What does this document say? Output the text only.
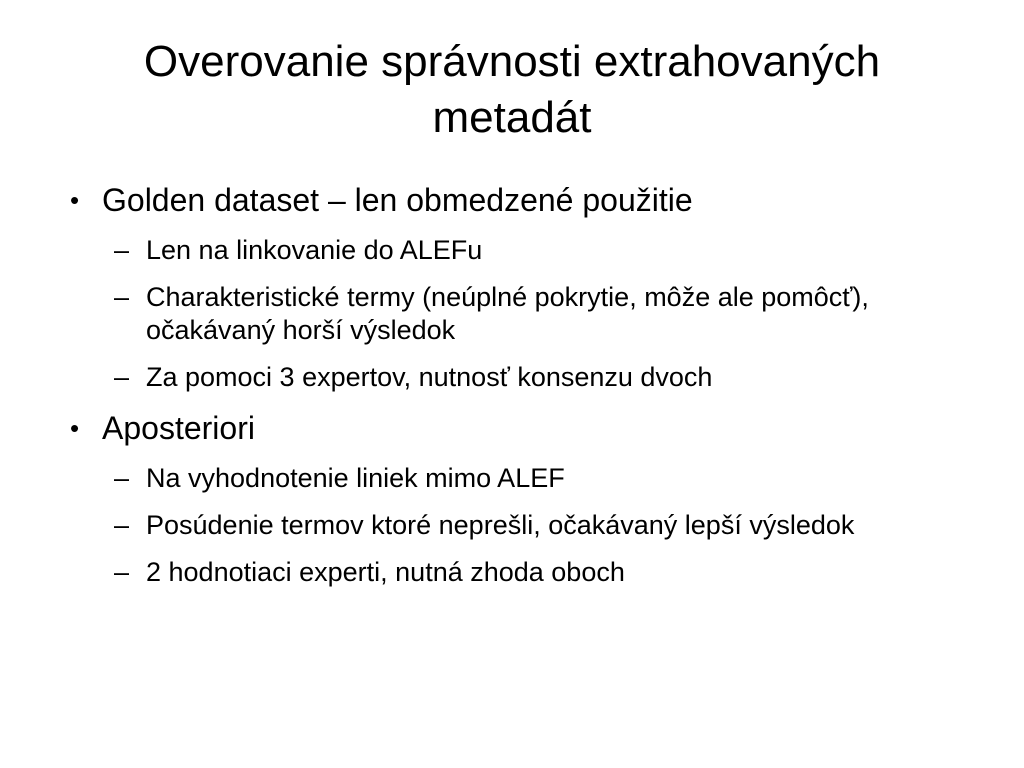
Overovanie správnosti extrahovaných metadát
• Golden dataset – len obmedzené použitie
– Len na linkovanie do ALEFu
– Charakteristické termy (neúplné pokrytie, môže ale pomôcť), očakávaný horší výsledok
– Za pomoci 3 expertov, nutnosť konsenzu dvoch
• Aposteriori
– Na vyhodnotenie liniek mimo ALEF
– Posúdenie termov ktoré neprešli, očakávaný lepší výsledok
– 2 hodnotiaci experti, nutná zhoda oboch
